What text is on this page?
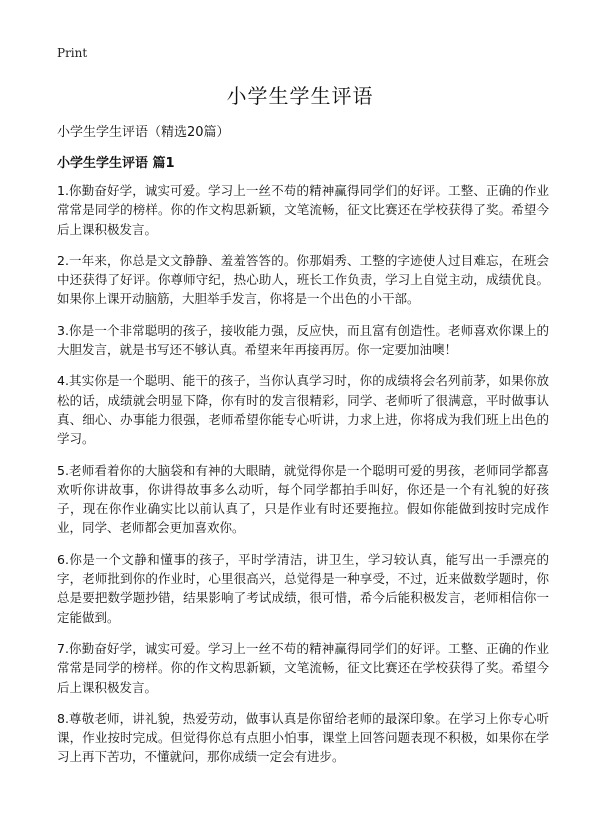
Print
小学生学生评语

小学生学生评语（精选20篇）

小学生学生评语 篇1

1.你勤奋好学，诚实可爱。学习上一丝不苟的精神赢得同学们的好评。工整、正确的作业常常是同学的榜样。你的作文构思新颖，文笔流畅，征文比赛还在学校获得了奖。希望今后上课积极发言。

2.一年来，你总是文文静静、羞羞答答的。你那娟秀、工整的字迹使人过目难忘，在班会中还获得了好评。你尊师守纪，热心助人，班长工作负责，学习上自觉主动，成绩优良。如果你上课开动脑筋，大胆举手发言，你将是一个出色的小干部。

3.你是一个非常聪明的孩子，接收能力强，反应快，而且富有创造性。老师喜欢你课上的大胆发言，就是书写还不够认真。希望来年再接再厉。你一定要加油噢！

4.其实你是一个聪明、能干的孩子，当你认真学习时，你的成绩将会名列前茅，如果你放松的话，成绩就会明显下降，你有时的发言很精彩，同学、老师听了很满意，平时做事认真、细心、办事能力很强，老师希望你能专心听讲，力求上进，你将成为我们班上出色的学习。

5.老师看着你的大脑袋和有神的大眼睛，就觉得你是一个聪明可爱的男孩，老师同学都喜欢听你讲故事，你讲得故事多么动听，每个同学都拍手叫好，你还是一个有礼貌的好孩子，现在你作业确实比以前认真了，只是作业有时还要拖拉。假如你能做到按时完成作业，同学、老师都会更加喜欢你。

6.你是一个文静和懂事的孩子，平时学清洁，讲卫生，学习较认真，能写出一手漂亮的字，老师批到你的作业时，心里很高兴，总觉得是一种享受，不过，近来做数学题时，你总是要把数学题抄错，结果影响了考试成绩，很可惜，希今后能积极发言，老师相信你一定能做到。

7.你勤奋好学，诚实可爱。学习上一丝不苟的精神赢得同学们的好评。工整、正确的作业常常是同学的榜样。你的作文构思新颖，文笔流畅，征文比赛还在学校获得了奖。希望今后上课积极发言。

8.尊敬老师，讲礼貌，热爱劳动，做事认真是你留给老师的最深印象。在学习上你专心听课，作业按时完成。但觉得你总有点胆小怕事，课堂上回答问题表现不积极，如果你在学习上再下苦功，不懂就问，那你成绩一定会有进步。
